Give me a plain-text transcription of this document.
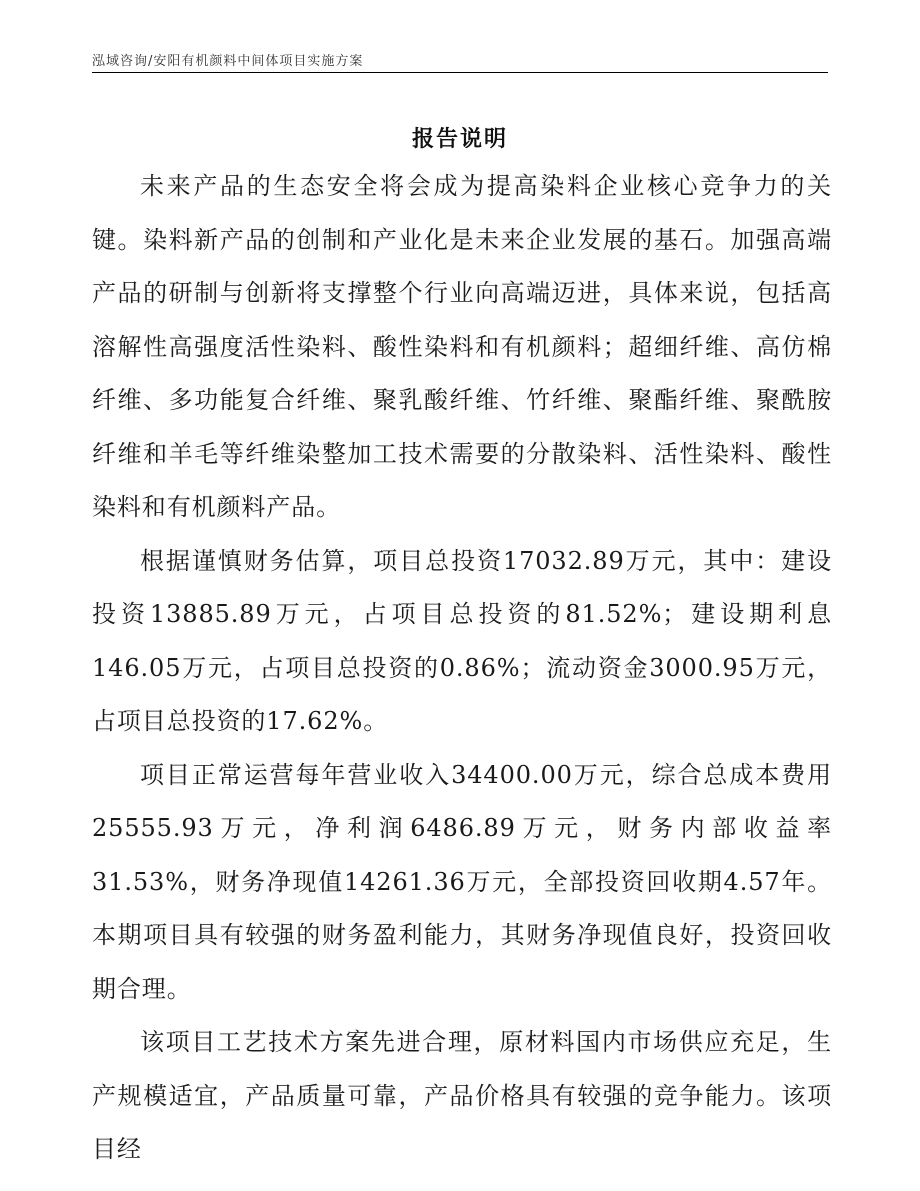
泓域咨询/安阳有机颜料中间体项目实施方案
报告说明

未来产品的生态安全将会成为提高染料企业核心竞争力的关键。染料新产品的创制和产业化是未来企业发展的基石。加强高端产品的研制与创新将支撑整个行业向高端迈进，具体来说，包括高溶解性高强度活性染料、酸性染料和有机颜料；超细纤维、高仿棉纤维、多功能复合纤维、聚乳酸纤维、竹纤维、聚酯纤维、聚酰胺纤维和羊毛等纤维染整加工技术需要的分散染料、活性染料、酸性染料和有机颜料产品。

根据谨慎财务估算，项目总投资17032.89万元，其中：建设投资13885.89万元，占项目总投资的81.52%；建设期利息146.05万元，占项目总投资的0.86%；流动资金3000.95万元，占项目总投资的17.62%。

项目正常运营每年营业收入34400.00万元，综合总成本费用25555.93万元，净利润6486.89万元，财务内部收益率31.53%，财务净现值14261.36万元，全部投资回收期4.57年。本期项目具有较强的财务盈利能力，其财务净现值良好，投资回收期合理。

该项目工艺技术方案先进合理，原材料国内市场供应充足，生产规模适宜，产品质量可靠，产品价格具有较强的竞争能力。该项目经
